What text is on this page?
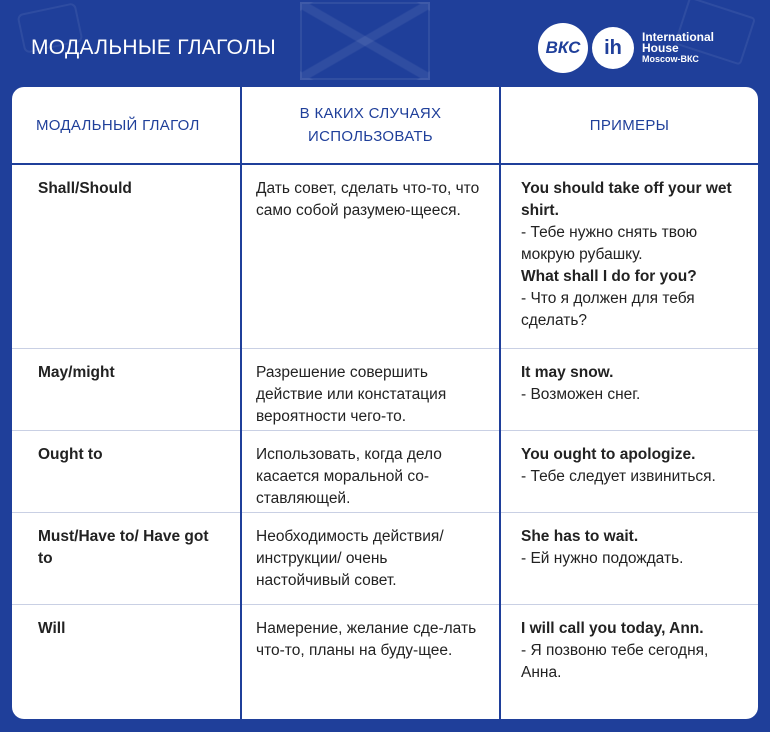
МОДАЛЬНЫЕ ГЛАГОЛЫ	ВКС	ih	International
House
Moscow-ВКС
МОДАЛЬНЫЙ ГЛАГОЛ	В КАКИХ СЛУЧАЯХ ИСПОЛЬЗОВАТЬ	ПРИМЕРЫ
Shall/Should	Дать совет, сделать что-то, что само собой разумею-щееся.	You should take off your wet shirt.
- Тебе нужно снять твою мокрую рубашку.
What shall I do for you?
- Что я должен для тебя сделать?

May/might	Разрешение совершить действие или констатация вероятности чего-то.	It may snow.
- Возможен снег.

Ought to	Использовать, когда дело касается моральной со-ставляющей.	You ought to apologize.
- Тебе следует извиниться.

Must/Have to/ Have got to	Необходимость действия/ инструкции/ очень настойчивый совет.	She has to wait.
- Ей нужно подождать.

Will	Намерение, желание сде-лать что-то, планы на буду-щее.	I will call you today, Ann.
- Я позвоню тебе сегодня, Анна.
